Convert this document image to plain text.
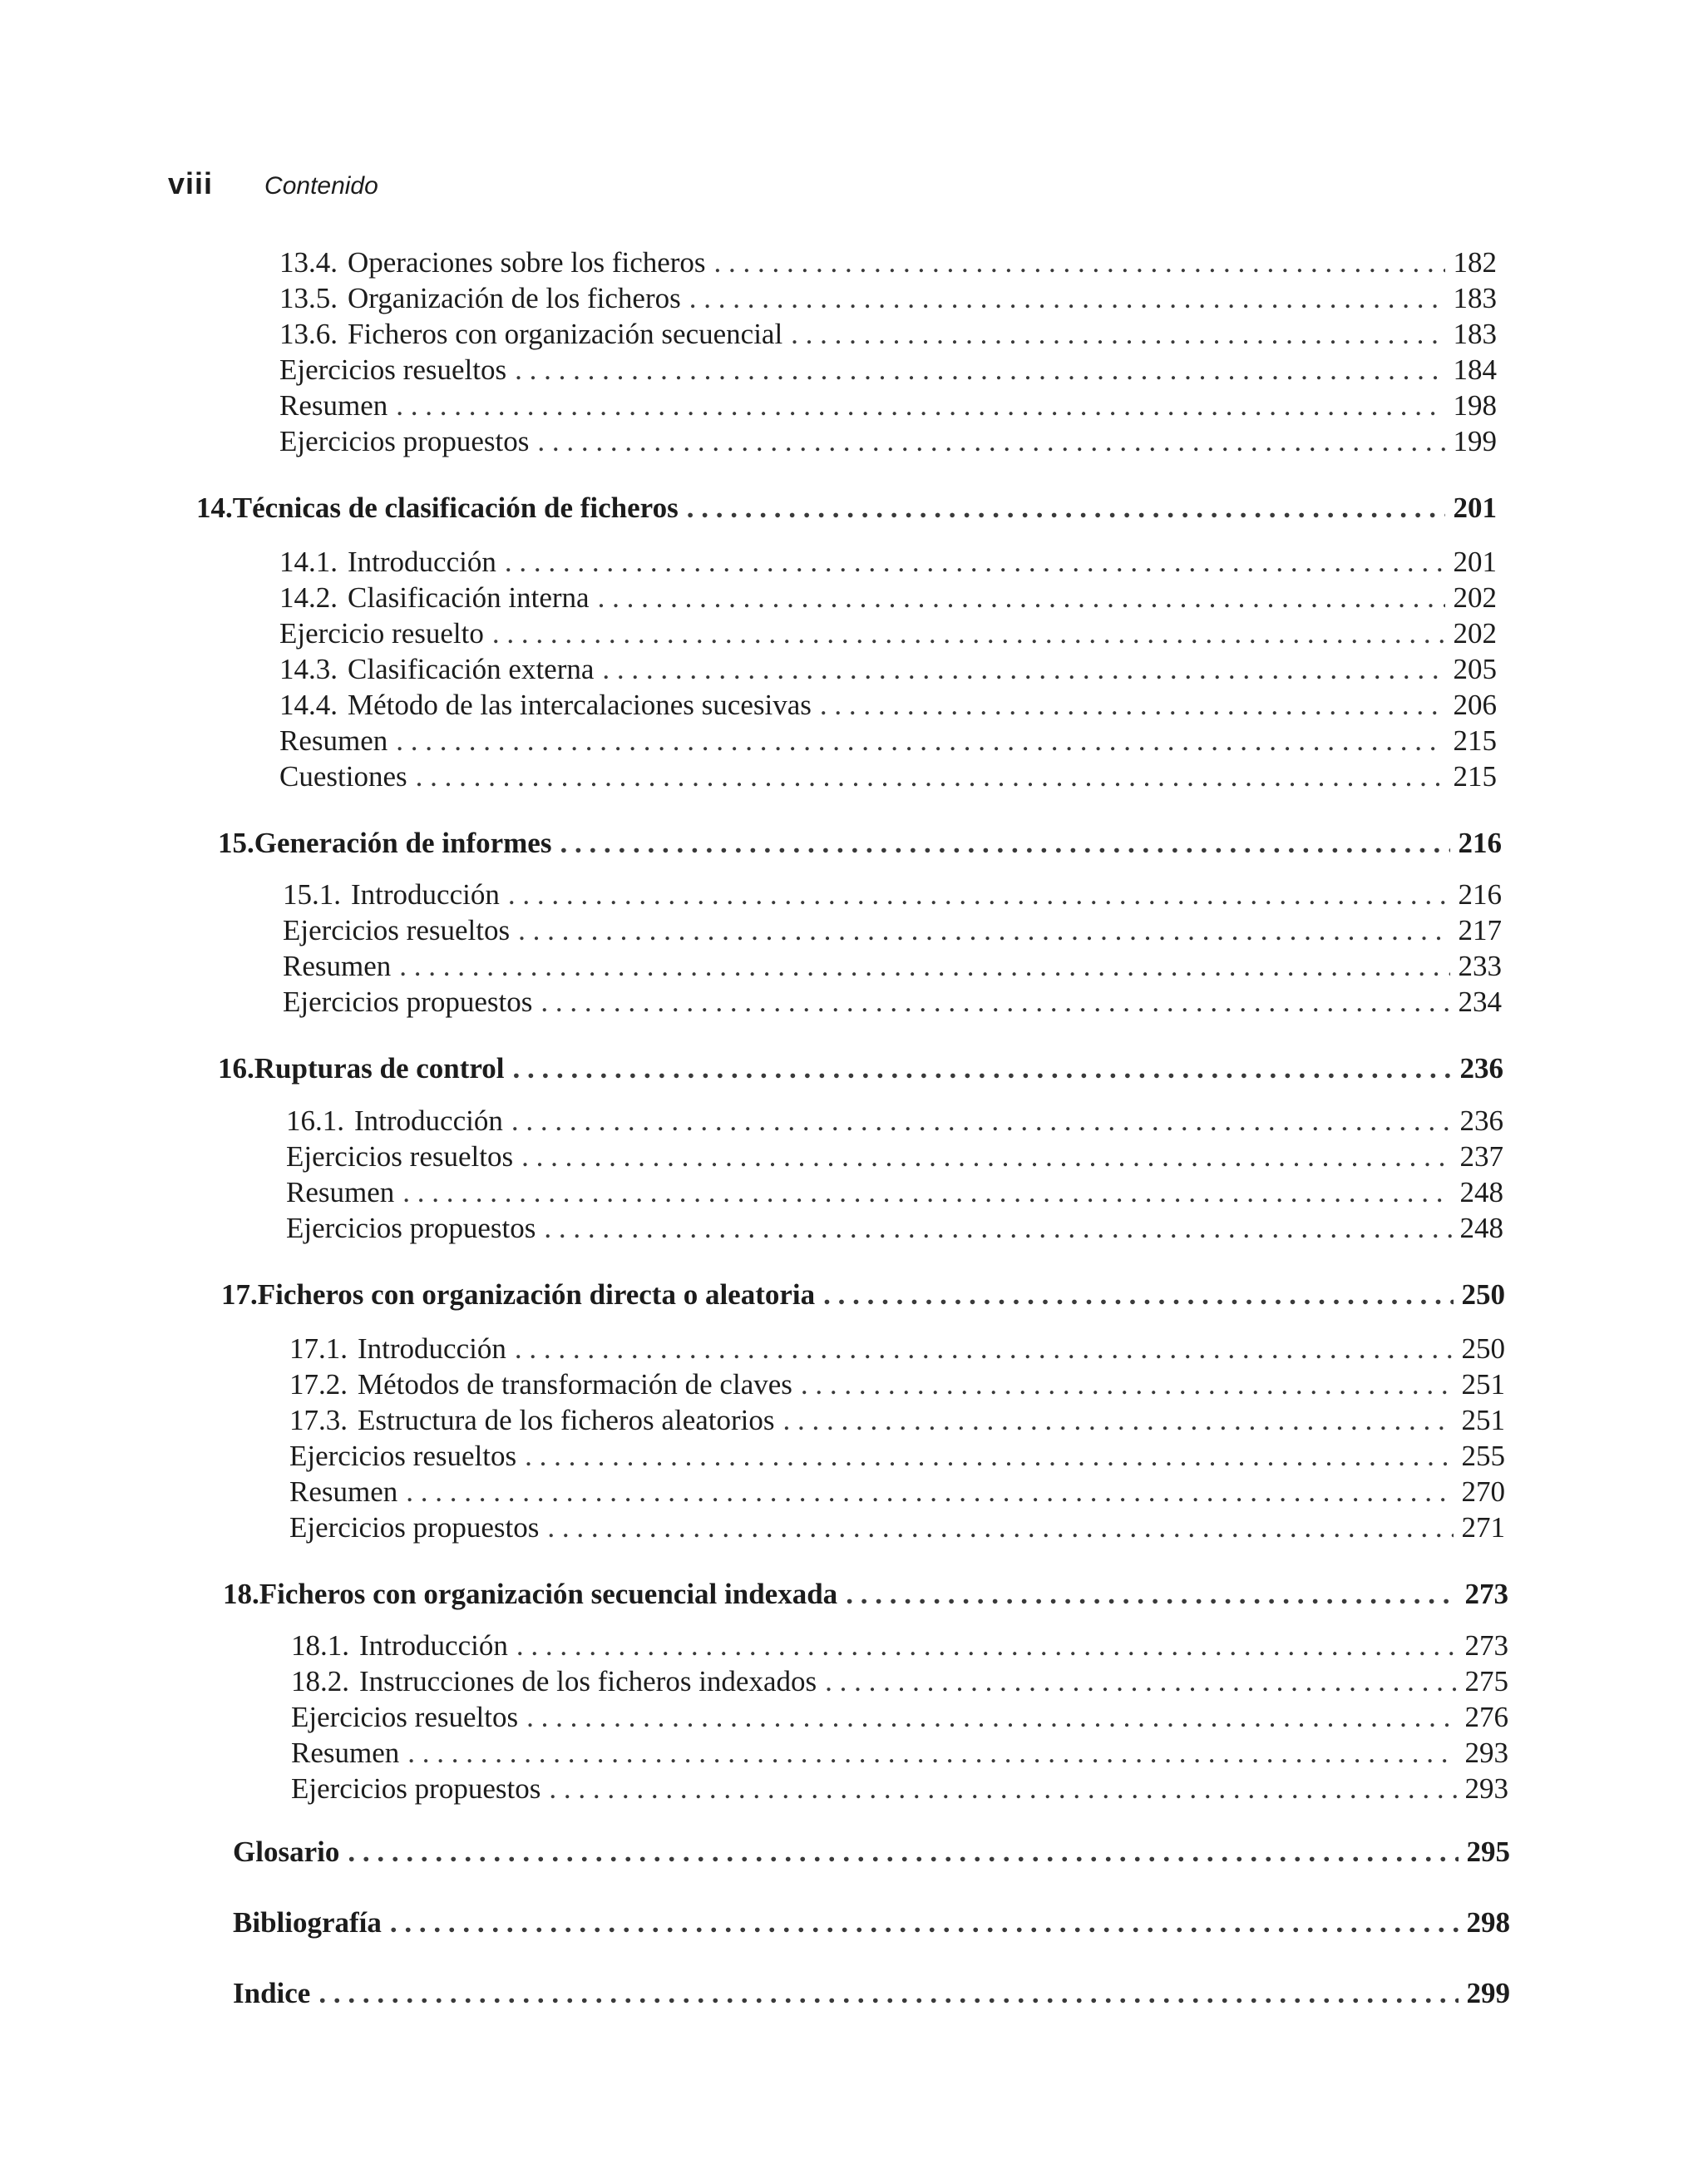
viii Contenido
13.4. Operaciones sobre los ficheros . . .	182
13.5. Organización de los ficheros . . .	183
13.6. Ficheros con organización secuencial . . .	183
Ejercicios resueltos . . .	184
Resumen . . .	198
Ejercicios propuestos . . .	199
14. Técnicas de clasificación de ficheros . . .	201
14.1. Introducción . . .	201
14.2. Clasificación interna . . .	202
Ejercicio resuelto . . .	202
14.3. Clasificación externa . . .	205
14.4. Método de las intercalaciones sucesivas . . .	206
Resumen . . .	215
Cuestiones . . .	215
15. Generación de informes . . .	216
15.1. Introducción . . .	216
Ejercicios resueltos . . .	217
Resumen . . .	233
Ejercicios propuestos . . .	234
16. Rupturas de control . . .	236
16.1. Introducción . . .	236
Ejercicios resueltos . . .	237
Resumen . . .	248
Ejercicios propuestos . . .	248
17. Ficheros con organización directa o aleatoria . . .	250
17.1. Introducción . . .	250
17.2. Métodos de transformación de claves . . .	251
17.3. Estructura de los ficheros aleatorios . . .	251
Ejercicios resueltos . . .	255
Resumen . . .	270
Ejercicios propuestos . . .	271
18. Ficheros con organización secuencial indexada . . .	273
18.1. Introducción . . .	273
18.2. Instrucciones de los ficheros indexados . . .	275
Ejercicios resueltos . . .	276
Resumen . . .	293
Ejercicios propuestos . . .	293
Glosario . . .	295
Bibliografía . . .	298
Indice . . .	299
